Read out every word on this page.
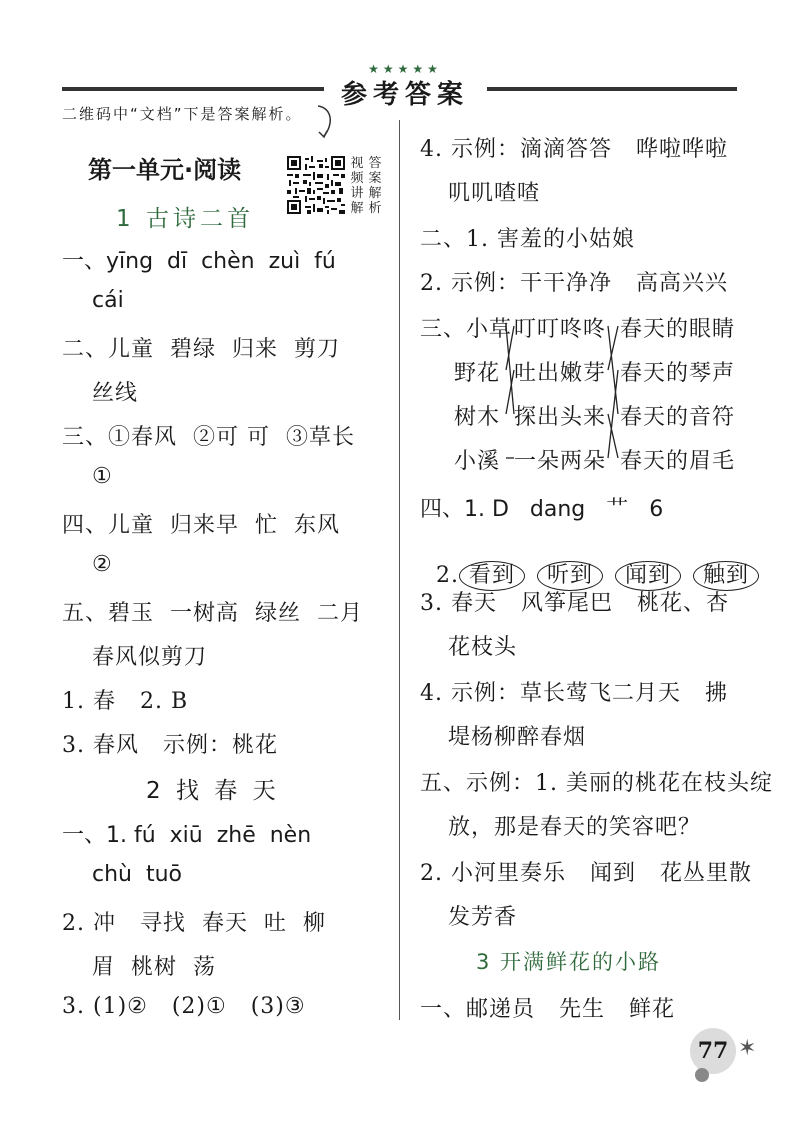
★★★★★
参考答案
二维码中“文档”下是答案解析。
第一单元·阅读	视频讲解
答案解析
1 古诗二首
一、yīng  dī  chèn  zuì  fú
cái
二、儿童  碧绿  归来  剪刀
丝线
三、①春风  ②可 可  ③草长
①
四、儿童  归来早  忙  东风
②
五、碧玉  一树高  绿丝  二月
春风似剪刀
1. 春   2. B
3. 春风   示例：桃花
2 找 春 天
一、1. fú  xiū  zhē  nèn
chù  tuō
2. 冲   寻找  春天  吐  柳
眉  桃树  荡
3. (1)②   (2)①   (3)③
4. 示例：滴滴答答   哗啦哗啦
叽叽喳喳
二、1. 害羞的小姑娘
2. 示例：干干净净   高高兴兴
三、 小草
野花
树木
小溪
叮叮咚咚
吐出嫩芽
探出头来
一朵两朵
春天的眼睛
春天的琴声
春天的音符
春天的眉毛
四、1. D   dang   艹   6

2. 看到 听到 闻到 触到

3. 春天   风筝尾巴   桃花、杏
花枝头
4. 示例：草长莺飞二月天   拂
堤杨柳醉春烟
五、示例：1. 美丽的桃花在枝头绽
放，那是春天的笑容吧？
2. 小河里奏乐   闻到   花丛里散
发芳香
3 开满鲜花的小路
一、邮递员   先生   鲜花
77 ✶
